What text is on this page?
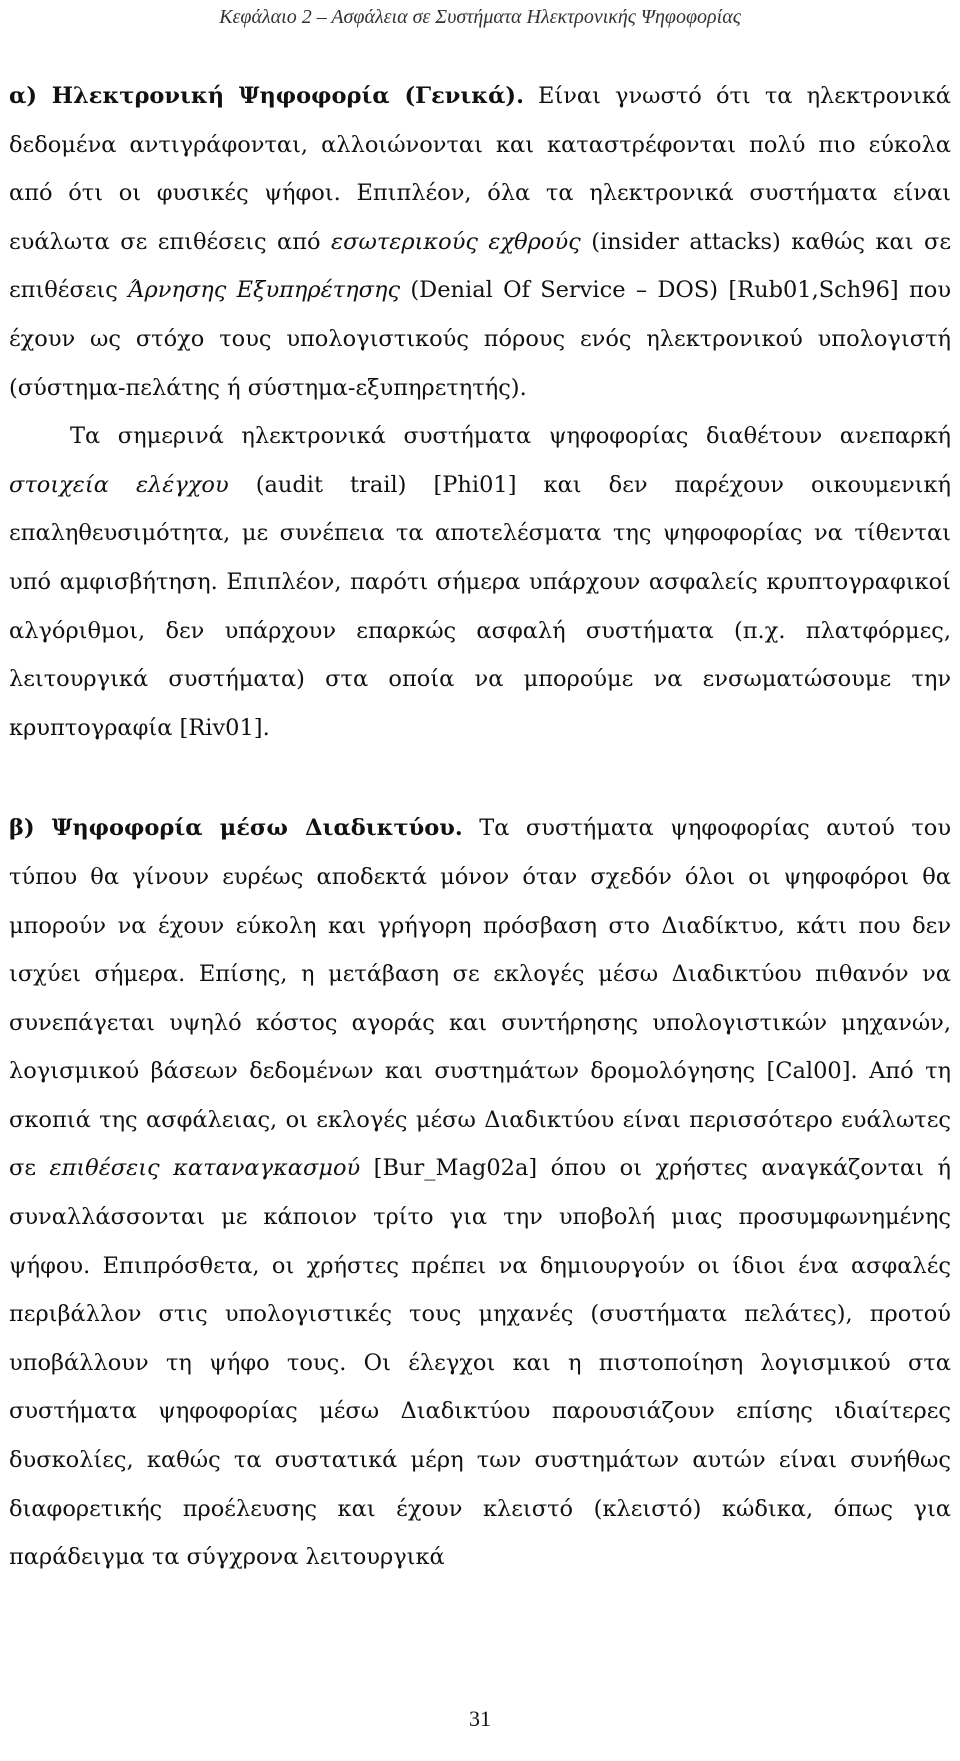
Κεφάλαιο 2 – Ασφάλεια σε Συστήματα Ηλεκτρονικής Ψηφοφορίας

α) Ηλεκτρονική Ψηφοφορία (Γενικά). Είναι γνωστό ότι τα ηλεκτρονικά δεδομένα αντιγράφονται, αλλοιώνονται και καταστρέφονται πολύ πιο εύκολα από ότι οι φυσικές ψήφοι. Επιπλέον, όλα τα ηλεκτρονικά συστήματα είναι ευάλωτα σε επιθέσεις από εσωτερικούς εχθρούς (insider attacks) καθώς και σε επιθέσεις Άρνησης Εξυπηρέτησης (Denial Of Service – DOS) [Rub01,Sch96] που έχουν ως στόχο τους υπολογιστικούς πόρους ενός ηλεκτρονικού υπολογιστή (σύστημα-πελάτης ή σύστημα-εξυπηρετητής).

Τα σημερινά ηλεκτρονικά συστήματα ψηφοφορίας διαθέτουν ανεπαρκή στοιχεία ελέγχου (audit trail) [Phi01] και δεν παρέχουν οικουμενική επαληθευσιμότητα, με συνέπεια τα αποτελέσματα της ψηφοφορίας να τίθενται υπό αμφισβήτηση. Επιπλέον, παρότι σήμερα υπάρχουν ασφαλείς κρυπτογραφικοί αλγόριθμοι, δεν υπάρχουν επαρκώς ασφαλή συστήματα (π.χ. πλατφόρμες, λειτουργικά συστήματα) στα οποία να μπορούμε να ενσωματώσουμε την κρυπτογραφία [Riv01].

β) Ψηφοφορία μέσω Διαδικτύου. Τα συστήματα ψηφοφορίας αυτού του τύπου θα γίνουν ευρέως αποδεκτά μόνον όταν σχεδόν όλοι οι ψηφοφόροι θα μπορούν να έχουν εύκολη και γρήγορη πρόσβαση στο Διαδίκτυο, κάτι που δεν ισχύει σήμερα. Επίσης, η μετάβαση σε εκλογές μέσω Διαδικτύου πιθανόν να συνεπάγεται υψηλό κόστος αγοράς και συντήρησης υπολογιστικών μηχανών, λογισμικού βάσεων δεδομένων και συστημάτων δρομολόγησης [Cal00]. Από τη σκοπιά της ασφάλειας, οι εκλογές μέσω Διαδικτύου είναι περισσότερο ευάλωτες σε επιθέσεις καταναγκασμού [Bur_Mag02a] όπου οι χρήστες αναγκάζονται ή συναλλάσσονται με κάποιον τρίτο για την υποβολή μιας προσυμφωνημένης ψήφου. Επιπρόσθετα, οι χρήστες πρέπει να δημιουργούν οι ίδιοι ένα ασφαλές περιβάλλον στις υπολογιστικές τους μηχανές (συστήματα πελάτες), προτού υποβάλλουν τη ψήφο τους. Οι έλεγχοι και η πιστοποίηση λογισμικού στα συστήματα ψηφοφορίας μέσω Διαδικτύου παρουσιάζουν επίσης ιδιαίτερες δυσκολίες, καθώς τα συστατικά μέρη των συστημάτων αυτών είναι συνήθως διαφορετικής προέλευσης και έχουν κλειστό (κλειστό) κώδικα, όπως για παράδειγμα τα σύγχρονα λειτουργικά

31
